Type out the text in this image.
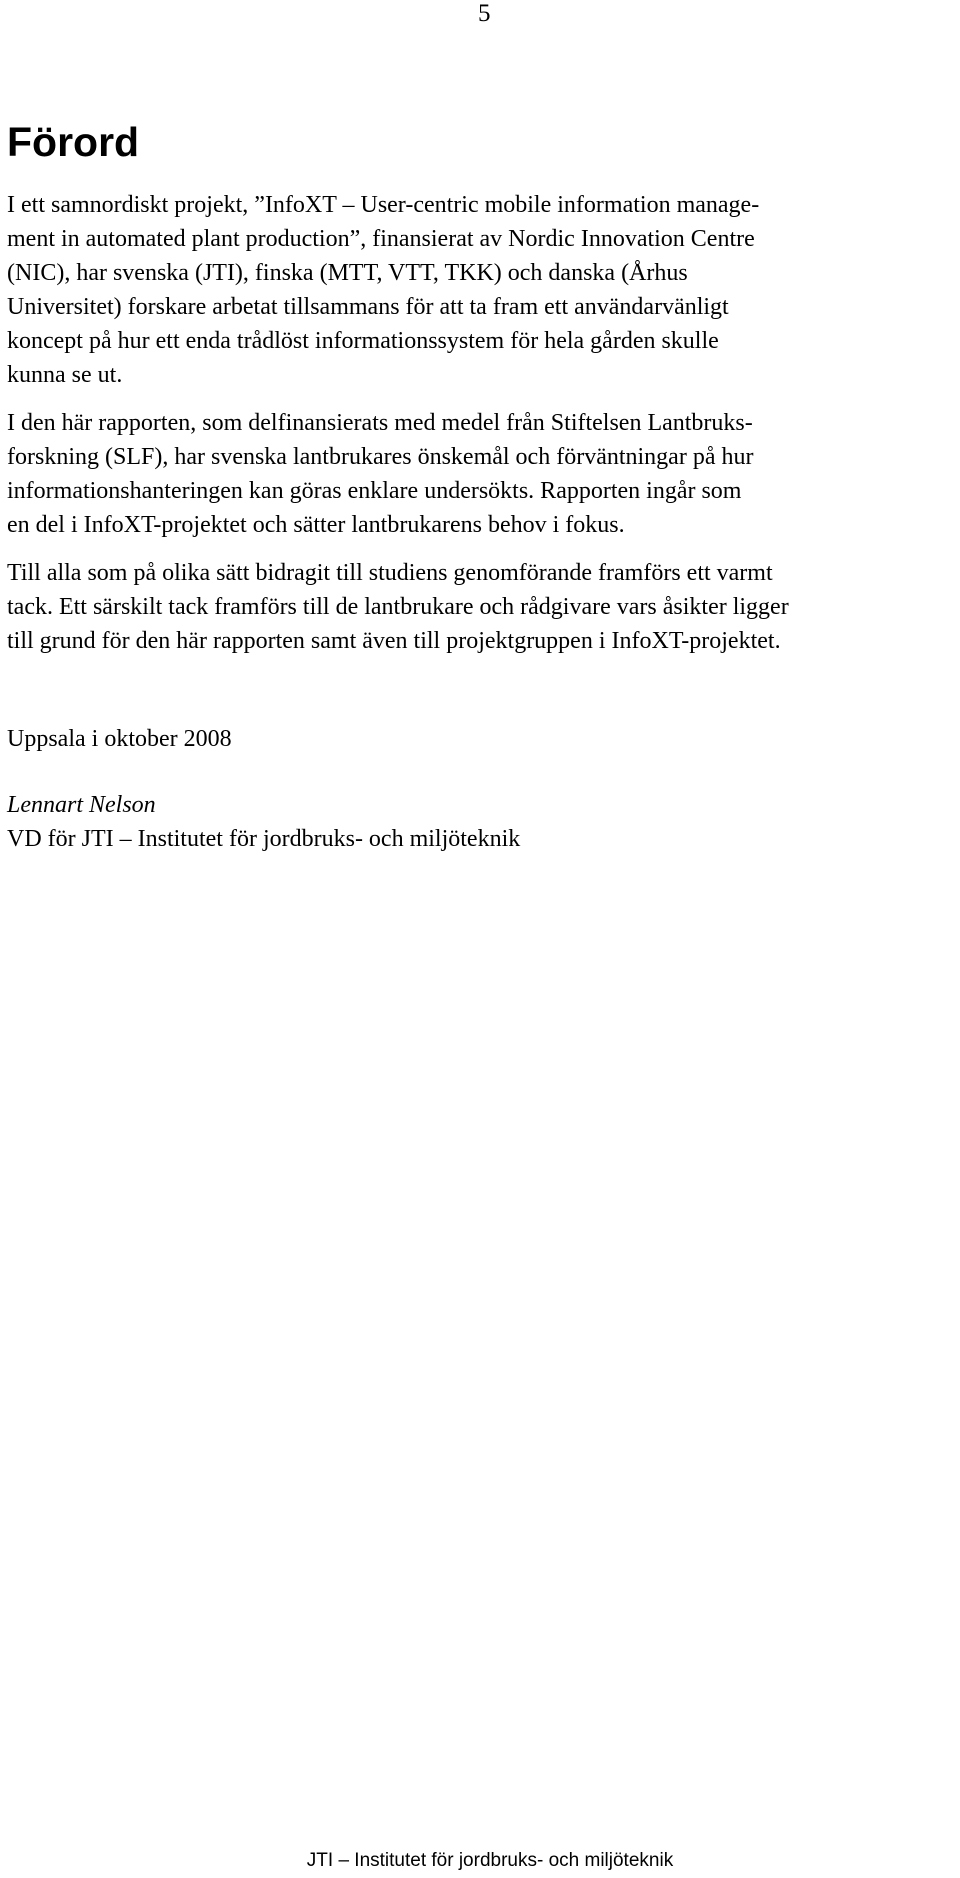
5
Förord

I ett samnordiskt projekt, ”InfoXT – User-centric mobile information manage-
ment in automated plant production”, finansierat av Nordic Innovation Centre
(NIC), har svenska (JTI), finska (MTT, VTT, TKK) och danska (Århus
Universitet) forskare arbetat tillsammans för att ta fram ett användarvänligt
koncept på hur ett enda trådlöst informationssystem för hela gården skulle
kunna se ut.

I den här rapporten, som delfinansierats med medel från Stiftelsen Lantbruks-
forskning (SLF), har svenska lantbrukares önskemål och förväntningar på hur
informationshanteringen kan göras enklare undersökts. Rapporten ingår som
en del i InfoXT-projektet och sätter lantbrukarens behov i fokus.

Till alla som på olika sätt bidragit till studiens genomförande framförs ett varmt
tack. Ett särskilt tack framförs till de lantbrukare och rådgivare vars åsikter ligger
till grund för den här rapporten samt även till projektgruppen i InfoXT-projektet.

Uppsala i oktober 2008
Lennart Nelson
VD för JTI – Institutet för jordbruks- och miljöteknik
JTI – Institutet för jordbruks- och miljöteknik
